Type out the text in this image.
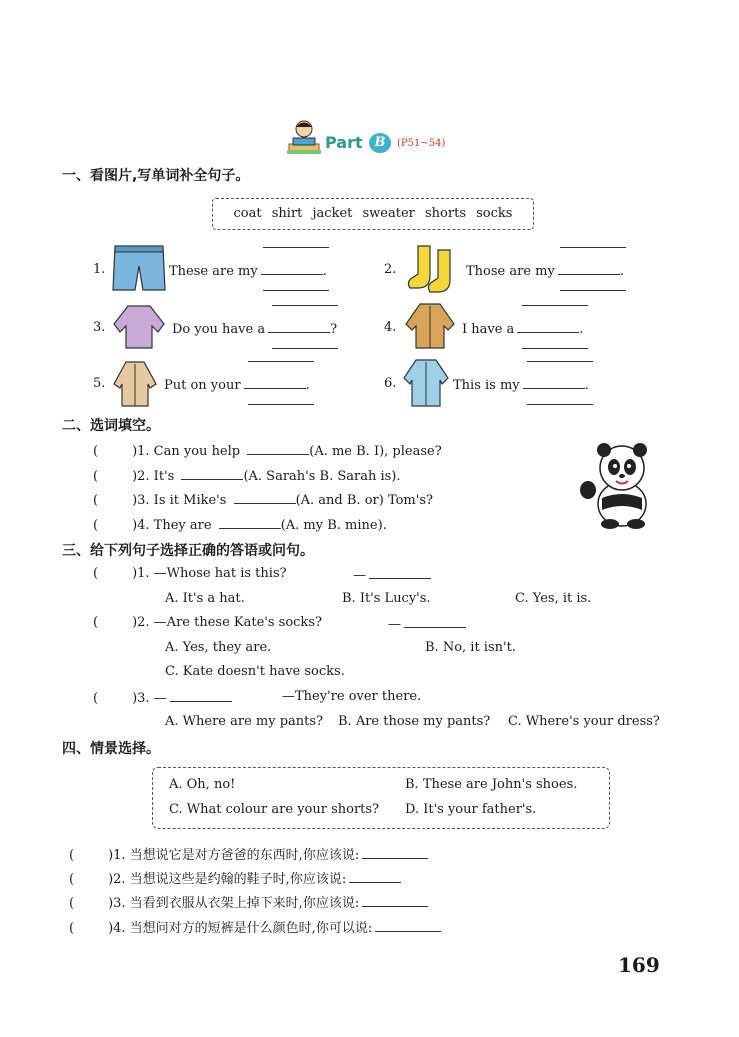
Part B	(P51~54)
一、看图片,写单词补全句子。
coat shirt jacket sweater shorts socks
1.	These are my	.	2.	Those are my	.
3.	Do you have a	?	4.	I have a	.
5.	Put on your	.	6.	This is my	.
二、选词填空。
(	)1. Can you help	(A. me B. I), please?
(	)2. It's	(A. Sarah's B. Sarah is).
(	)3. Is it Mike's	(A. and B. or) Tom's?
(	)4. They are	(A. my B. mine).
三、给下列句子选择正确的答语或问句。
(	)1. —Whose hat is this?	—
A. It's a hat.	B. It's Lucy's.	C. Yes, it is.
(	)2. —Are these Kate's socks?	—
A. Yes, they are.	B. No, it isn't.
C. Kate doesn't have socks.
(	)3. —	—They're over there.
A. Where are my pants? B. Are those my pants? C. Where's your dress?
四、情景选择。
A. Oh, no!	B. These are John's shoes.
C. What colour are your shorts? D. It's your father's.
(	)1. 当想说它是对方爸爸的东西时,你应该说:
(	)2. 当想说这些是约翰的鞋子时,你应该说:
(	)3. 当看到衣服从衣架上掉下来时,你应该说:
(	)4. 当想问对方的短裤是什么颜色时,你可以说:
169
